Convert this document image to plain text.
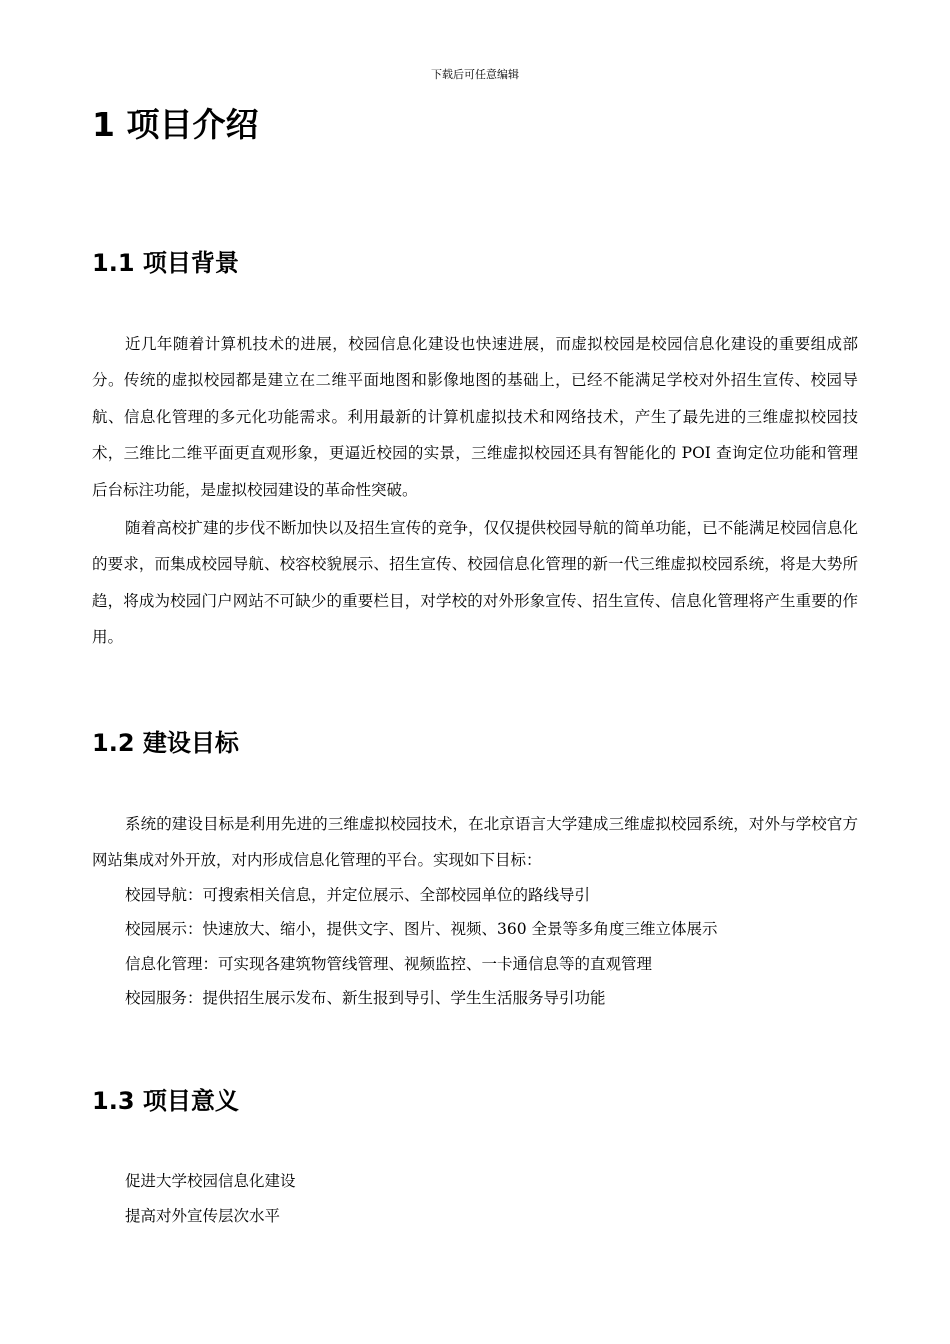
下载后可任意编辑
1 项目介绍
1.1 项目背景

近几年随着计算机技术的进展，校园信息化建设也快速进展，而虚拟校园是校园信息化建设的重要组成部分。传统的虚拟校园都是建立在二维平面地图和影像地图的基础上，已经不能满足学校对外招生宣传、校园导航、信息化管理的多元化功能需求。利用最新的计算机虚拟技术和网络技术，产生了最先进的三维虚拟校园技术，三维比二维平面更直观形象，更逼近校园的实景，三维虚拟校园还具有智能化的 POI 查询定位功能和管理后台标注功能，是虚拟校园建设的革命性突破。

随着高校扩建的步伐不断加快以及招生宣传的竞争，仅仅提供校园导航的简单功能，已不能满足校园信息化的要求，而集成校园导航、校容校貌展示、招生宣传、校园信息化管理的新一代三维虚拟校园系统，将是大势所趋，将成为校园门户网站不可缺少的重要栏目，对学校的对外形象宣传、招生宣传、信息化管理将产生重要的作用。

1.2 建设目标

系统的建设目标是利用先进的三维虚拟校园技术，在北京语言大学建成三维虚拟校园系统，对外与学校官方网站集成对外开放，对内形成信息化管理的平台。实现如下目标：

校园导航：可搜索相关信息，并定位展示、全部校园单位的路线导引

校园展示：快速放大、缩小，提供文字、图片、视频、360 全景等多角度三维立体展示

信息化管理：可实现各建筑物管线管理、视频监控、一卡通信息等的直观管理

校园服务：提供招生展示发布、新生报到导引、学生生活服务导引功能

1.3 项目意义

促进大学校园信息化建设

提高对外宣传层次水平
